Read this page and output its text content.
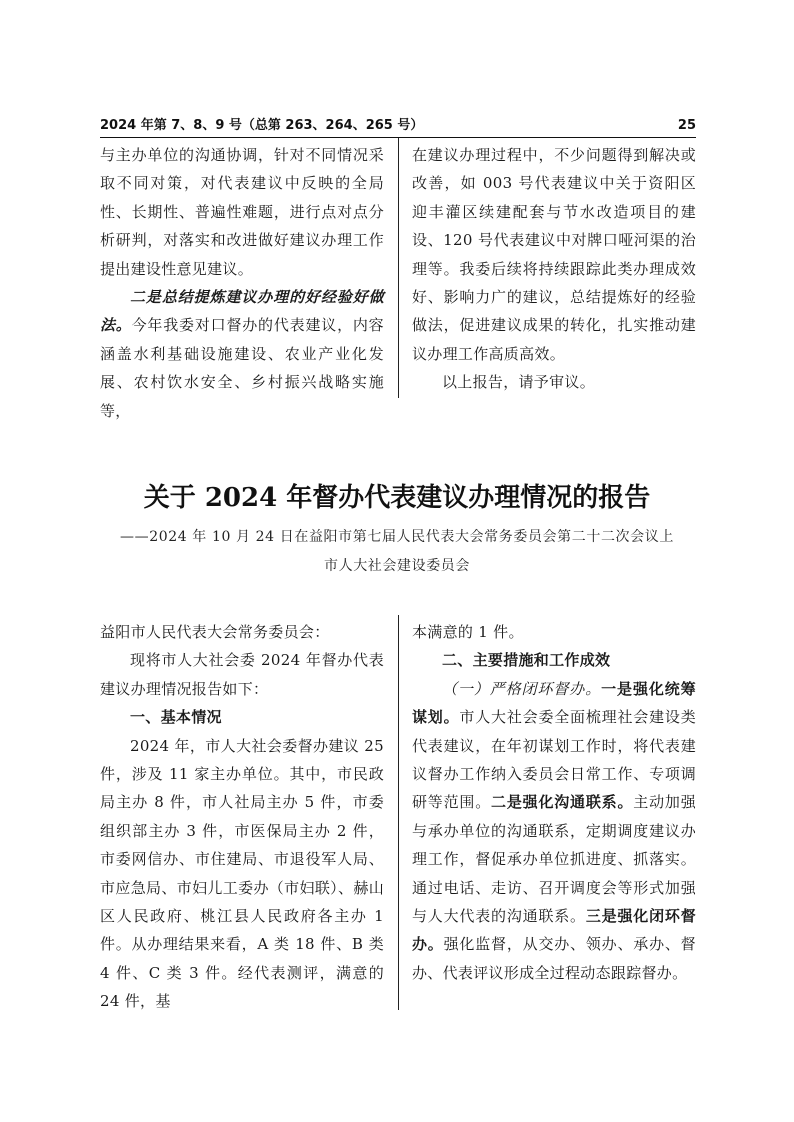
2024 年第 7、8、9 号（总第 263、264、265 号）	25

与主办单位的沟通协调，针对不同情况采取不同对策，对代表建议中反映的全局性、长期性、普遍性难题，进行点对点分析研判，对落实和改进做好建议办理工作提出建设性意见建议。

二是总结提炼建议办理的好经验好做法。今年我委对口督办的代表建议，内容涵盖水利基础设施建设、农业产业化发展、农村饮水安全、乡村振兴战略实施等，

在建议办理过程中，不少问题得到解决或改善，如 003 号代表建议中关于资阳区迎丰灌区续建配套与节水改造项目的建设、120 号代表建议中对牌口哑河渠的治理等。我委后续将持续跟踪此类办理成效好、影响力广的建议，总结提炼好的经验做法，促进建议成果的转化，扎实推动建议办理工作高质高效。

以上报告，请予审议。

关于 2024 年督办代表建议办理情况的报告
——2024 年 10 月 24 日在益阳市第七届人民代表大会常务委员会第二十二次会议上
市人大社会建设委员会

益阳市人民代表大会常务委员会：

现将市人大社会委 2024 年督办代表建议办理情况报告如下：

一、基本情况

2024 年，市人大社会委督办建议 25 件，涉及 11 家主办单位。其中，市民政局主办 8 件，市人社局主办 5 件，市委组织部主办 3 件，市医保局主办 2 件，市委网信办、市住建局、市退役军人局、市应急局、市妇儿工委办（市妇联）、赫山区人民政府、桃江县人民政府各主办 1 件。从办理结果来看，A 类 18 件、B 类 4 件、C 类 3 件。经代表测评，满意的 24 件，基

本满意的 1 件。

二、主要措施和工作成效

（一）严格闭环督办。一是强化统筹谋划。市人大社会委全面梳理社会建设类代表建议，在年初谋划工作时，将代表建议督办工作纳入委员会日常工作、专项调研等范围。二是强化沟通联系。主动加强与承办单位的沟通联系，定期调度建议办理工作，督促承办单位抓进度、抓落实。通过电话、走访、召开调度会等形式加强与人大代表的沟通联系。三是强化闭环督办。强化监督，从交办、领办、承办、督办、代表评议形成全过程动态跟踪督办。
